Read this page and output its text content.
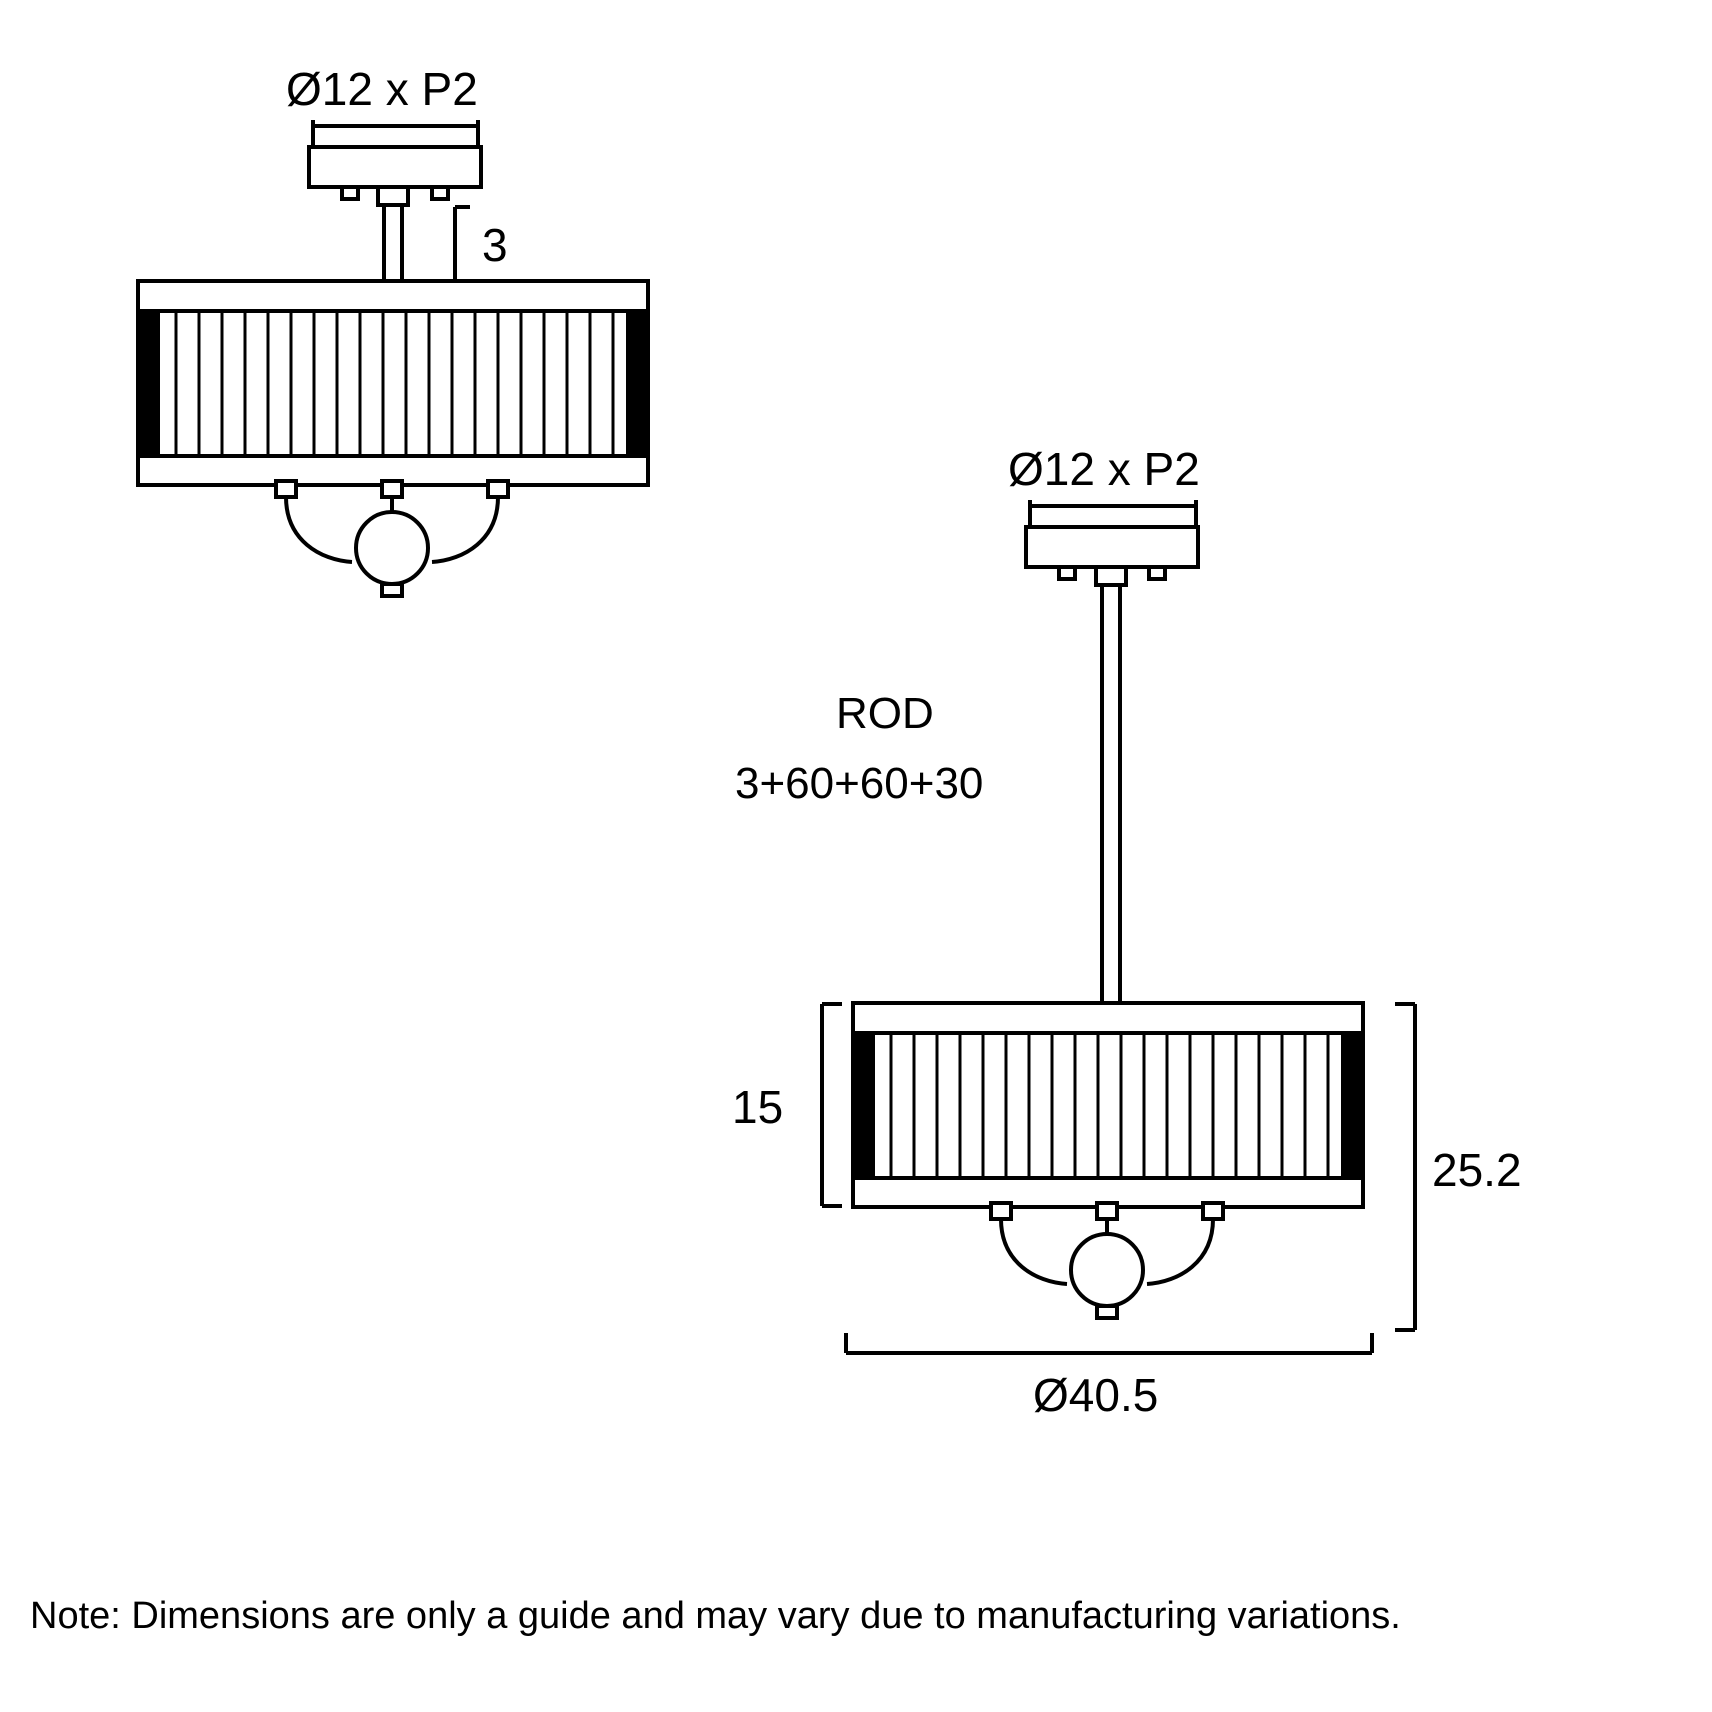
Ø12 x P2
3
Ø12 x P2
ROD
3+60+60+30
15
25.2
Ø40.5
Note: Dimensions are only a guide and may vary due to manufacturing variations.
